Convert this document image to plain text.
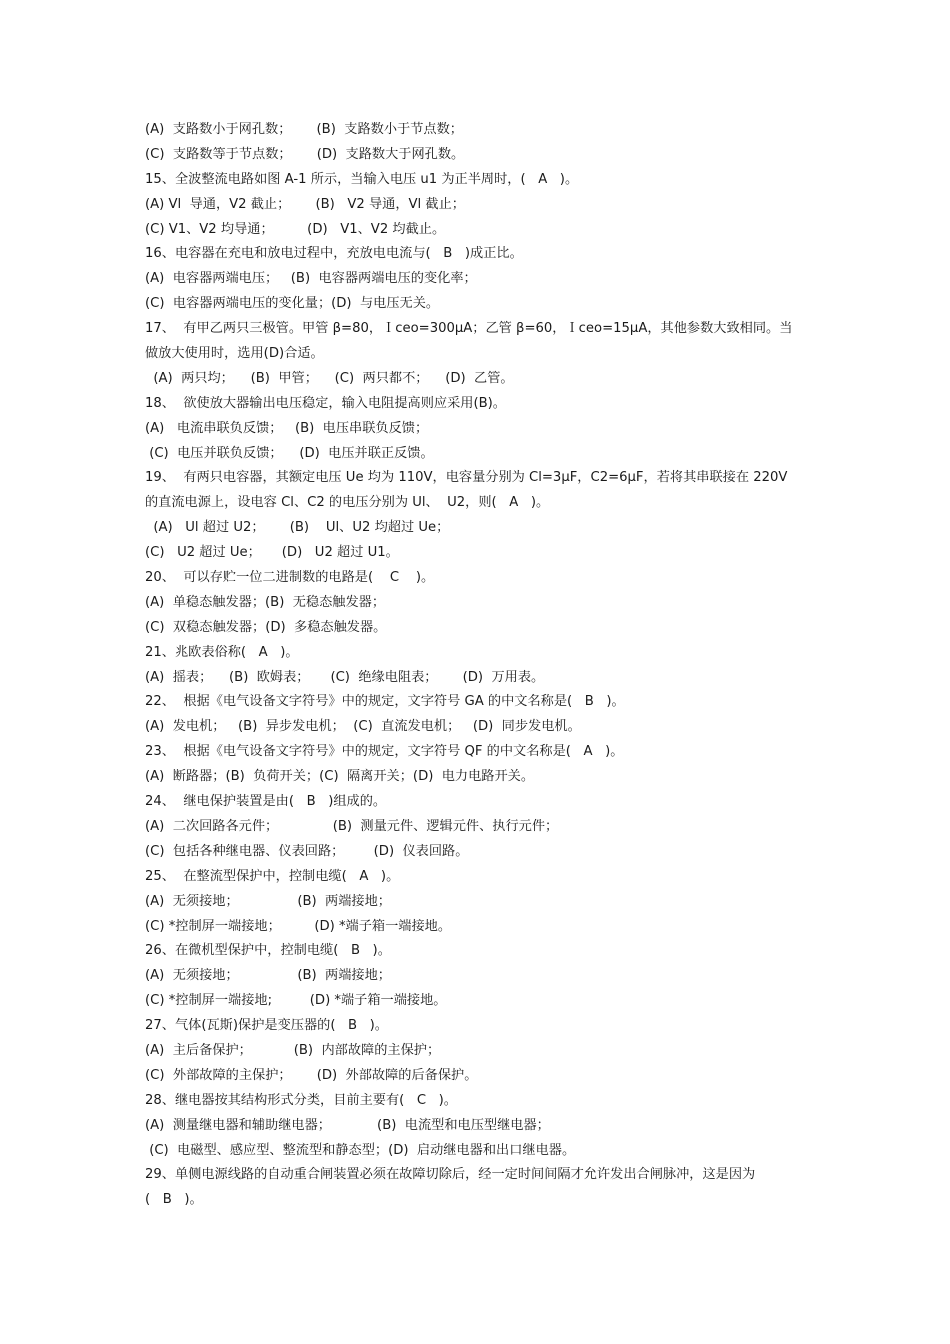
(A)  支路数小于网孔数；      (B)  支路数小于节点数；
(C)  支路数等于节点数；      (D)  支路数大于网孔数。
15、全波整流电路如图 A-1 所示，当输入电压 u1 为正半周时，(   A   )。
(A) Vl  导通，V2 截止；      (B)   V2 导通，Vl 截止；
(C) V1、V2 均导通；        (D)   V1、V2 均截止。
16、电容器在充电和放电过程中，充放电电流与(   B   )成正比。
(A)  电容器两端电压；   (B)  电容器两端电压的变化率；
(C)  电容器两端电压的变化量；(D)  与电压无关。
17、  有甲乙两只三极管。甲管 β=80，Ｉceo=300μA；乙管 β=60，Ｉceo=15μA，其他参数大致相同。当
做放大使用时，选用(D)合适。
(A)  两只均；    (B)  甲管；    (C)  两只都不；    (D)  乙管。
18、  欲使放大器输出电压稳定，输入电阻提高则应采用(B)。
(A)   电流串联负反馈；   (B)  电压串联负反馈；
(C)  电压并联负反馈；    (D)  电压并联正反馈。
19、  有两只电容器，其额定电压 Ue 均为 110V，电容量分别为 Cl=3μF，C2=6μF，若将其串联接在 220V
的直流电源上，设电容 Cl、C2 的电压分别为 Ul、  U2，则(   A   )。
(A)   Ul 超过 U2；      (B)    Ul、U2 均超过 Ue；
(C)   U2 超过 Ue；     (D)   U2 超过 U1。
20、  可以存贮一位二进制数的电路是(    C    )。
(A)  单稳态触发器；(B)  无稳态触发器；
(C)  双稳态触发器；(D)  多稳态触发器。
21、兆欧表俗称(   A   )。
(A)  摇表；    (B)  欧姆表；     (C)  绝缘电阻表；      (D)  万用表。
22、  根据《电气设备文字符号》中的规定，文字符号 GA 的中文名称是(   B   )。
(A)  发电机；   (B)  异步发电机；  (C)  直流发电机；   (D)  同步发电机。
23、  根据《电气设备文字符号》中的规定，文字符号 QF 的中文名称是(   A   )。
(A)  断路器；(B)  负荷开关；(C)  隔离开关；(D)  电力电路开关。
24、  继电保护装置是由(   B   )组成的。
(A)  二次回路各元件；             (B)  测量元件、逻辑元件、执行元件；
(C)  包括各种继电器、仪表回路；       (D)  仪表回路。
25、  在整流型保护中，控制电缆(   A   )。
(A)  无须接地；              (B)  两端接地；
(C) *控制屏一端接地；        (D) *端子箱一端接地。
26、在微机型保护中，控制电缆(   B   )。
(A)  无须接地；              (B)  两端接地；
(C) *控制屏一端接地;         (D) *端子箱一端接地。
27、气体(瓦斯)保护是变压器的(   B   )。
(A)  主后备保护；          (B)  内部故障的主保护；
(C)  外部故障的主保护；      (D)  外部故障的后备保护。
28、继电器按其结构形式分类，目前主要有(   C   )。
(A)  测量继电器和辅助继电器；           (B)  电流型和电压型继电器；
(C)  电磁型、感应型、整流型和静态型；(D)  启动继电器和出口继电器。
29、单侧电源线路的自动重合闸装置必须在故障切除后，经一定时间间隔才允许发出合闸脉冲，这是因为
(   B   )。
